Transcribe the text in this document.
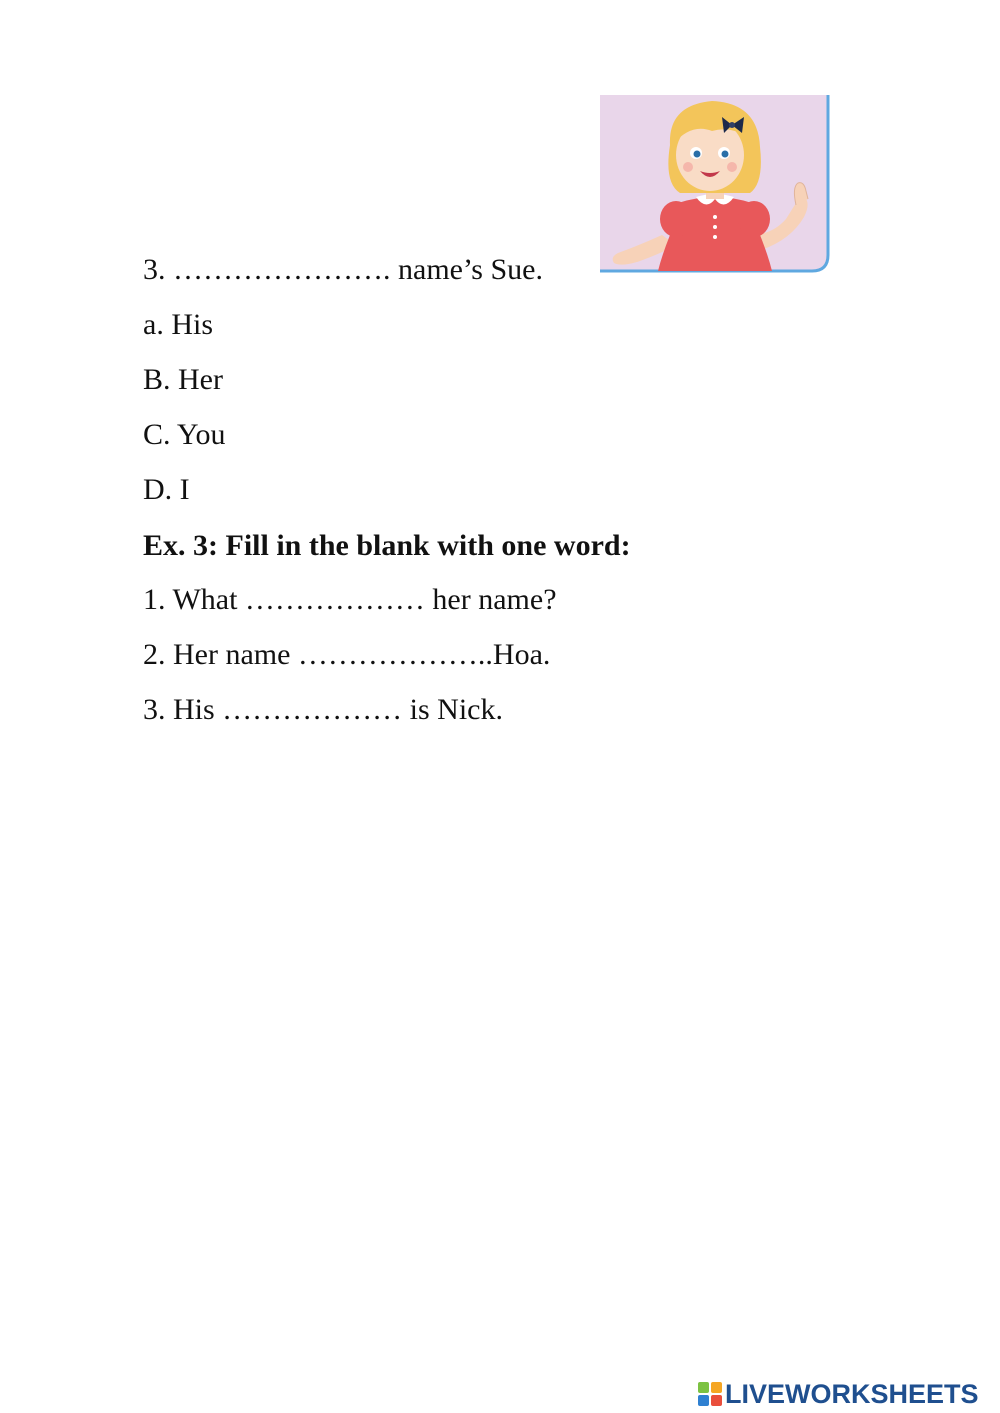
3. …………………. name’s Sue.
a. His
B. Her
C. You
D. I
Ex. 3: Fill in the blank with one word:
1. What ……………… her name?
2. Her name ………………..Hoa.
3. His ……………… is Nick.
LIVEWORKSHEETS
